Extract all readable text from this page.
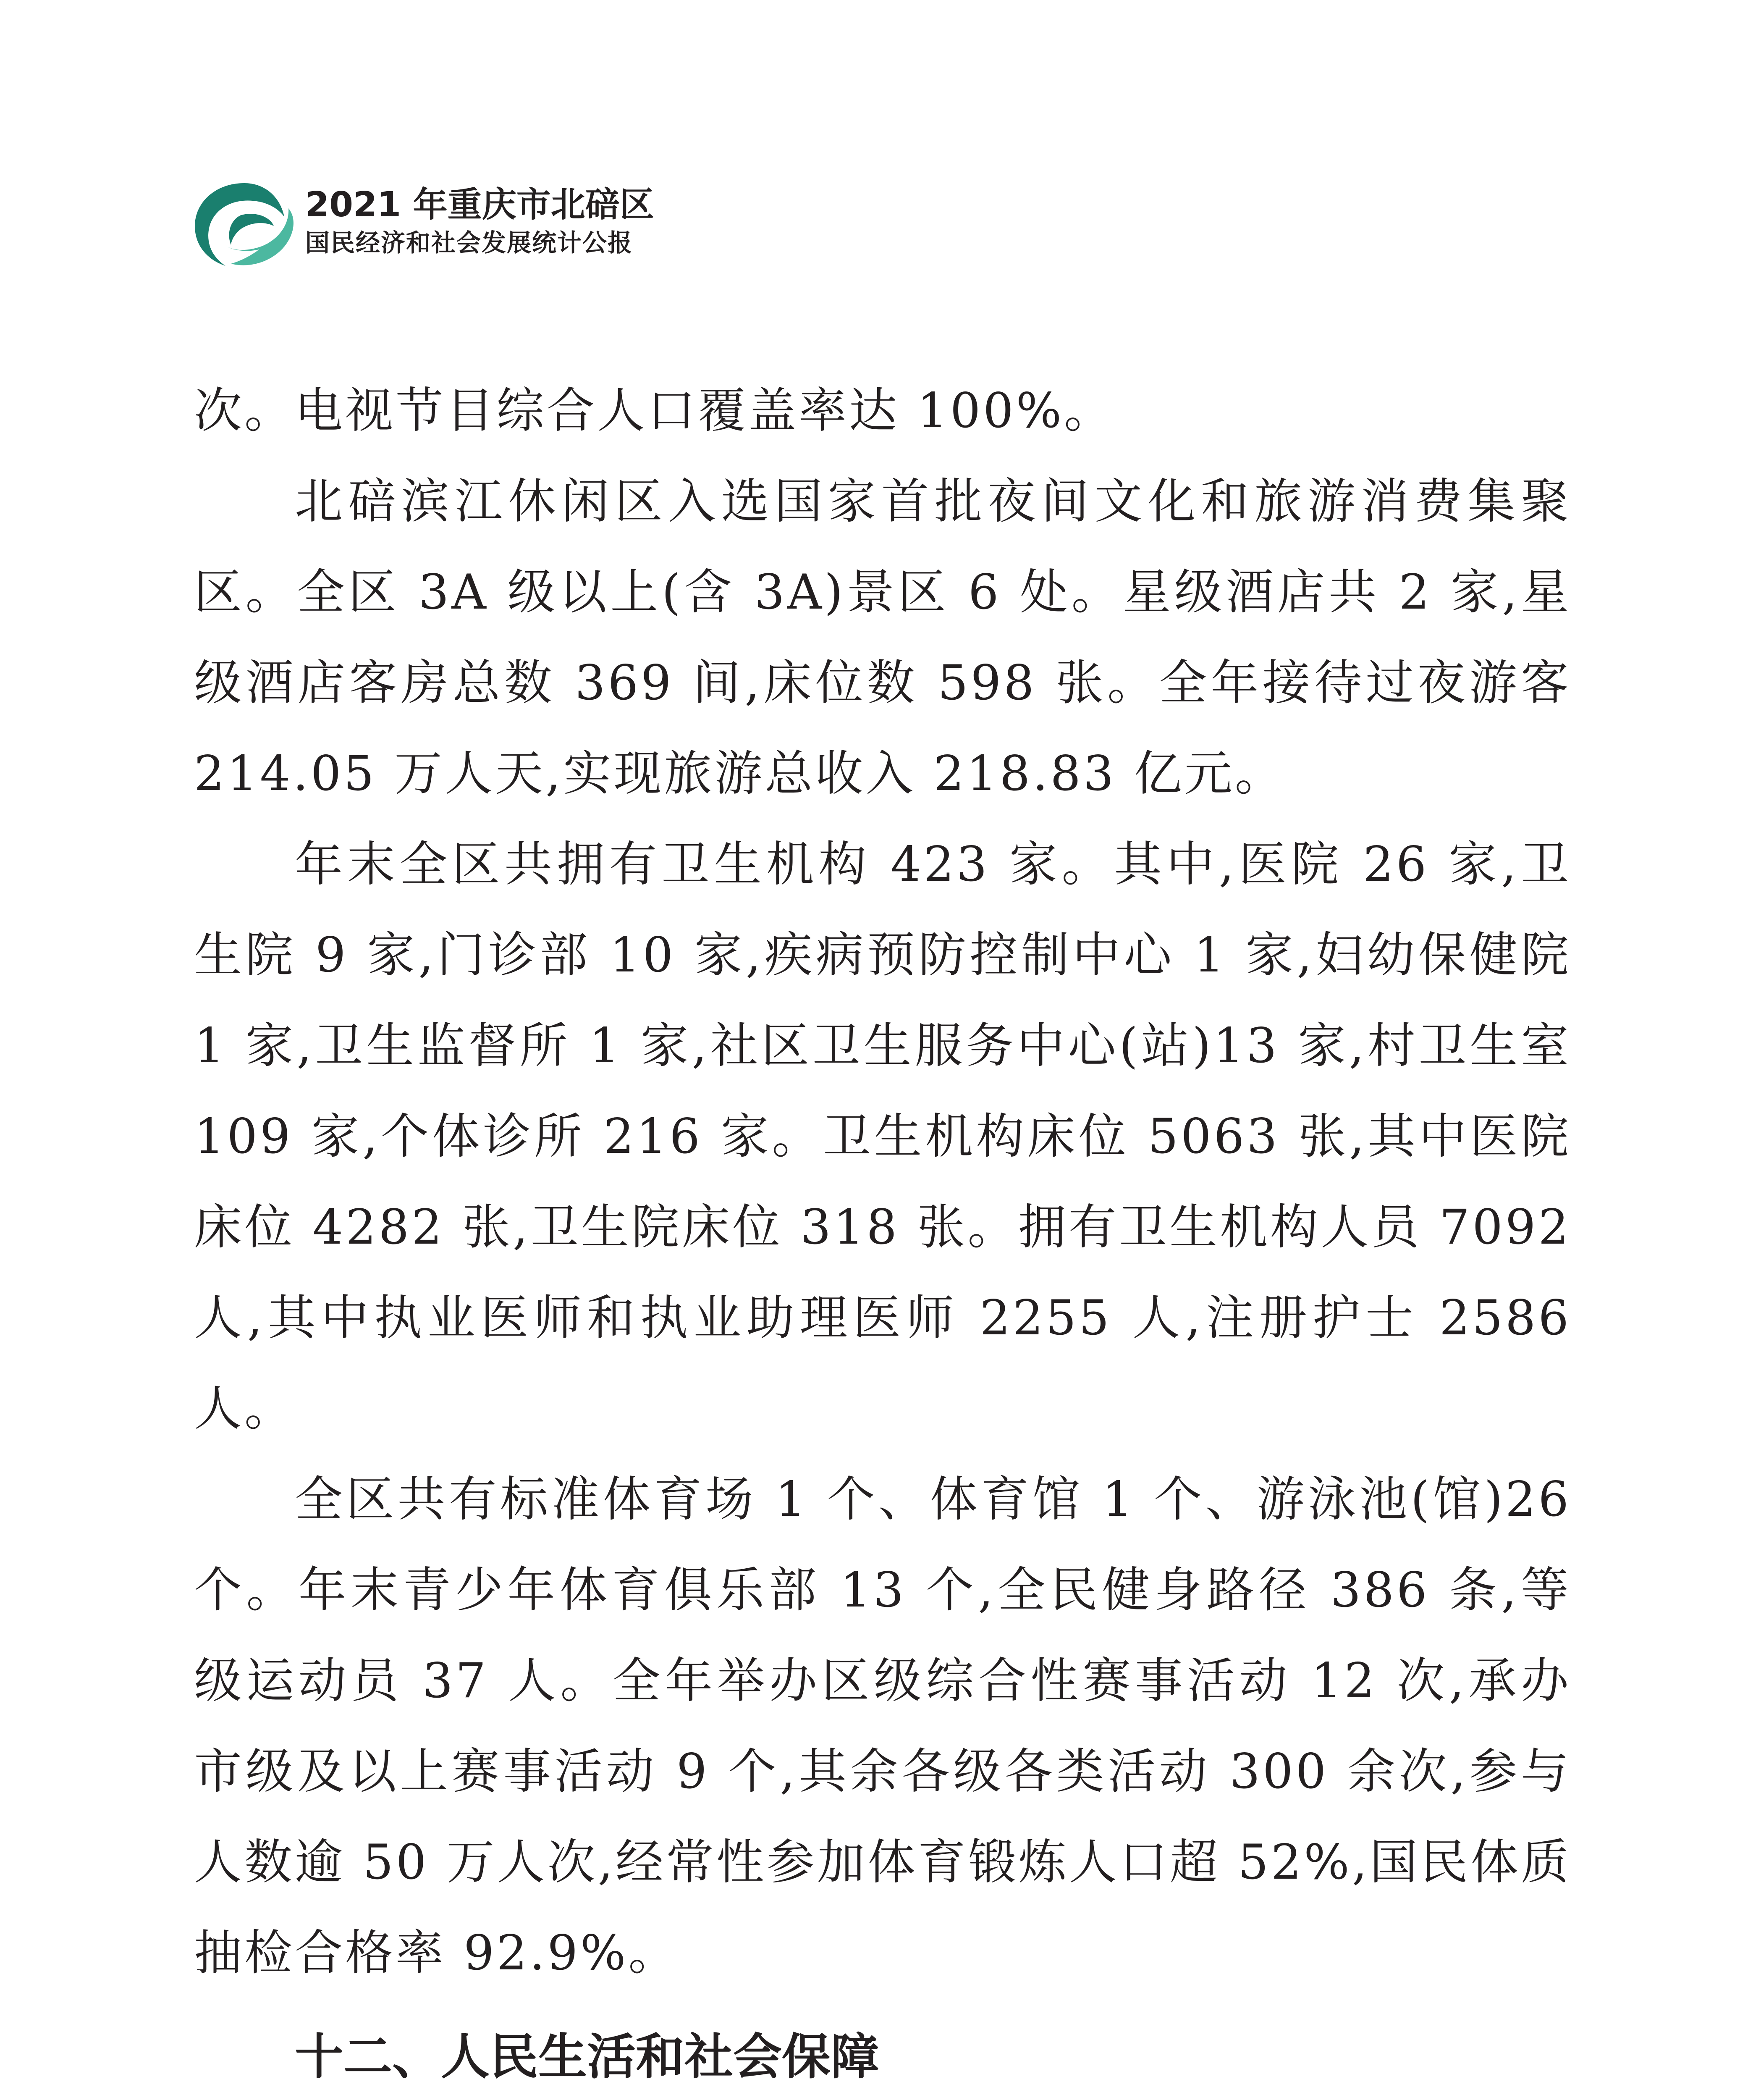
2021 年重庆市北碚区
国民经济和社会发展统计公报

次。电视节目综合人口覆盖率达 100%。

北碚滨江休闲区入选国家首批夜间文化和旅游消费集聚区。全区 3A 级以上(含 3A)景区 6 处。星级酒店共 2 家,星级酒店客房总数 369 间,床位数 598 张。全年接待过夜游客 214.05 万人天,实现旅游总收入 218.83 亿元。

年末全区共拥有卫生机构 423 家。其中,医院 26 家,卫生院 9 家,门诊部 10 家,疾病预防控制中心 1 家,妇幼保健院 1 家,卫生监督所 1 家,社区卫生服务中心(站)13 家,村卫生室 109 家,个体诊所 216 家。卫生机构床位 5063 张,其中医院床位 4282 张,卫生院床位 318 张。拥有卫生机构人员 7092 人,其中执业医师和执业助理医师 2255 人,注册护士 2586 人。

全区共有标准体育场 1 个、体育馆 1 个、游泳池(馆)26 个。年末青少年体育俱乐部 13 个,全民健身路径 386 条,等级运动员 37 人。全年举办区级综合性赛事活动 12 次,承办市级及以上赛事活动 9 个,其余各级各类活动 300 余次,参与人数逾 50 万人次,经常性参加体育锻炼人口超 52%,国民体质抽检合格率 92.9%。

十二、人民生活和社会保障
